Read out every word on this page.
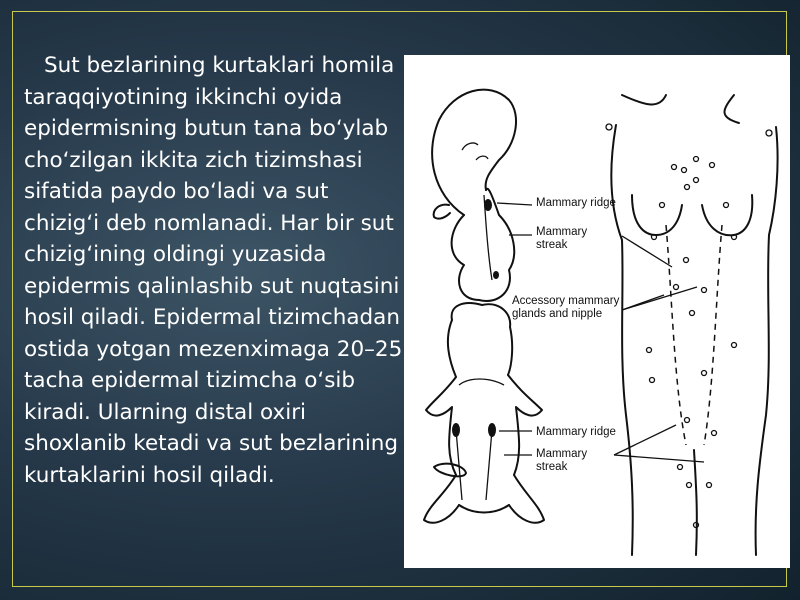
Sut bezlarining kurtaklari homila taraqqiyotining ikkinchi oyida epidermisning butun tana bo‘ylab cho‘zilgan ikkita zich tizimshasi sifatida paydo bo‘ladi va sut chizig‘i deb nomlanadi. Har bir sut chizig‘ining oldingi yuzasida epidermis qalinlashib sut nuqtasini hosil qiladi. Epidermal tizimchadan ostida yotgan mezenximaga 20–25 tacha epidermal tizimcha o‘sib kiradi. Ularning distal oxiri shoxlanib ketadi va sut bezlarining kurtaklarini hosil qiladi.

Mammary ridge
Mammary
streak
Accessory mammary
glands and nipple
Mammary ridge
Mammary
streak
